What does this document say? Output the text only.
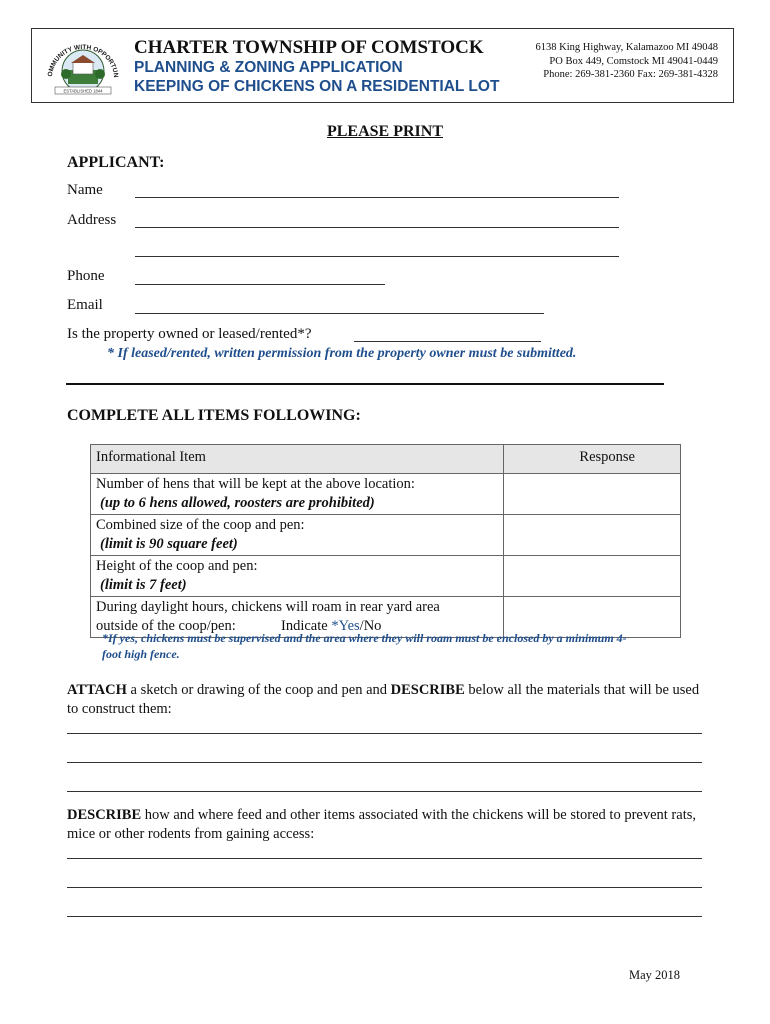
OMMUNITY WITH OPPORTUN
ESTABLISHED 1844
CHARTER TOWNSHIP OF COMSTOCK
PLANNING & ZONING APPLICATION
KEEPING OF CHICKENS ON A RESIDENTIAL LOT
6138 King Highway, Kalamazoo MI 49048
PO Box 449, Comstock MI 49041-0449
Phone: 269-381-2360 Fax: 269-381-4328
PLEASE PRINT
APPLICANT:
Name
Address
Phone
Email
Is the property owned or leased/rented*?
* If leased/rented, written permission from the property owner must be submitted.
COMPLETE ALL ITEMS FOLLOWING:
Informational Item	Response

Number of hens that will be kept at the above location:
(up to 6 hens allowed, roosters are prohibited)	

Combined size of the coop and pen:
(limit is 90 square feet)	

Height of the coop and pen:
(limit is 7 feet)	

During daylight hours, chickens will roam in rear yard area
outside of the coop/pen: Indicate *Yes/No	

*If yes, chickens must be supervised and the area where they will roam must be enclosed by a minimum 4-foot high fence.
ATTACH a sketch or drawing of the coop and pen and DESCRIBE below all the materials that will be used to construct them:
DESCRIBE how and where feed and other items associated with the chickens will be stored to prevent rats, mice or other rodents from gaining access:
May 2018
